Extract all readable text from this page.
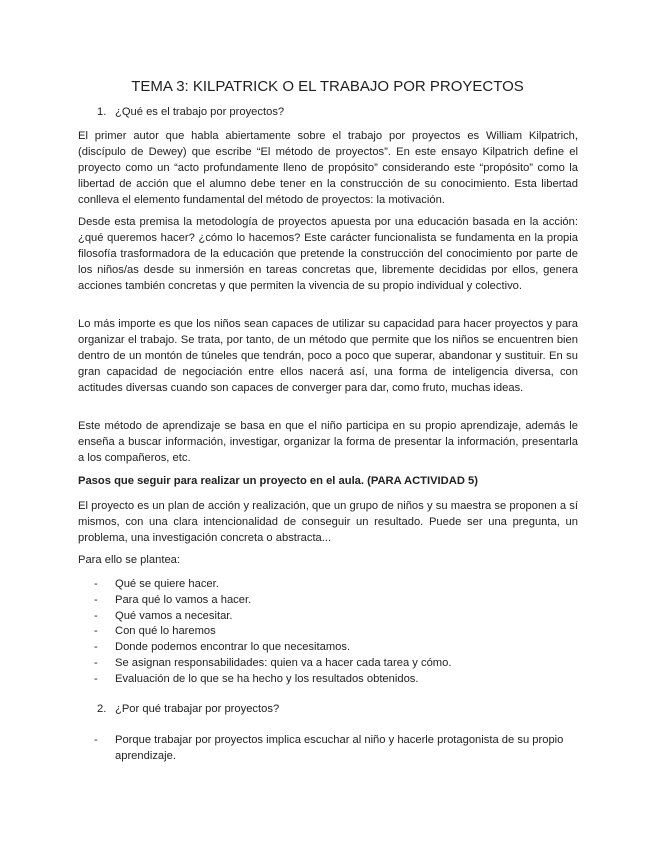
TEMA 3: KILPATRICK O EL TRABAJO POR PROYECTOS
1. ¿Qué es el trabajo por proyectos?

El primer autor que habla abiertamente sobre el trabajo por proyectos es William Kilpatrich, (discípulo de Dewey) que escribe “El método de proyectos”. En este ensayo Kilpatrich define el proyecto como un “acto profundamente lleno de propósito” considerando este “propósito” como la libertad de acción que el alumno debe tener en la construcción de su conocimiento. Esta libertad conlleva el elemento fundamental del método de proyectos: la motivación.

Desde esta premisa la metodología de proyectos apuesta por una educación basada en la acción: ¿qué queremos hacer? ¿cómo lo hacemos? Este carácter funcionalista se fundamenta en la propia filosofía trasformadora de la educación que pretende la construcción del conocimiento por parte de los niños/as desde su inmersión en tareas concretas que, libremente decididas por ellos, genera acciones también concretas y que permiten la vivencia de su propio individual y colectivo.

Lo más importe es que los niños sean capaces de utilizar su capacidad para hacer proyectos y para organizar el trabajo. Se trata, por tanto, de un método que permite que los niños se encuentren bien dentro de un montón de túneles que tendrán, poco a poco que superar, abandonar y sustituir. En su gran capacidad de negociación entre ellos nacerá así, una forma de inteligencia diversa, con actitudes diversas cuando son capaces de converger para dar, como fruto, muchas ideas.

Este método de aprendizaje se basa en que el niño participa en su propio aprendizaje, además le enseña a buscar información, investigar, organizar la forma de presentar la información, presentarla a los compañeros, etc.

Pasos que seguir para realizar un proyecto en el aula. (PARA ACTIVIDAD 5)

El proyecto es un plan de acción y realización, que un grupo de niños y su maestra se proponen a sí mismos, con una clara intencionalidad de conseguir un resultado. Puede ser una pregunta, un problema, una investigación concreta o abstracta...

Para ello se plantea:

- Qué se quiere hacer.
- Para qué lo vamos a hacer.
- Qué vamos a necesitar.
- Con qué lo haremos
- Donde podemos encontrar lo que necesitamos.
- Se asignan responsabilidades: quien va a hacer cada tarea y cómo.
- Evaluación de lo que se ha hecho y los resultados obtenidos.
2. ¿Por qué trabajar por proyectos?
- Porque trabajar por proyectos implica escuchar al niño y hacerle protagonista de su propio aprendizaje.
